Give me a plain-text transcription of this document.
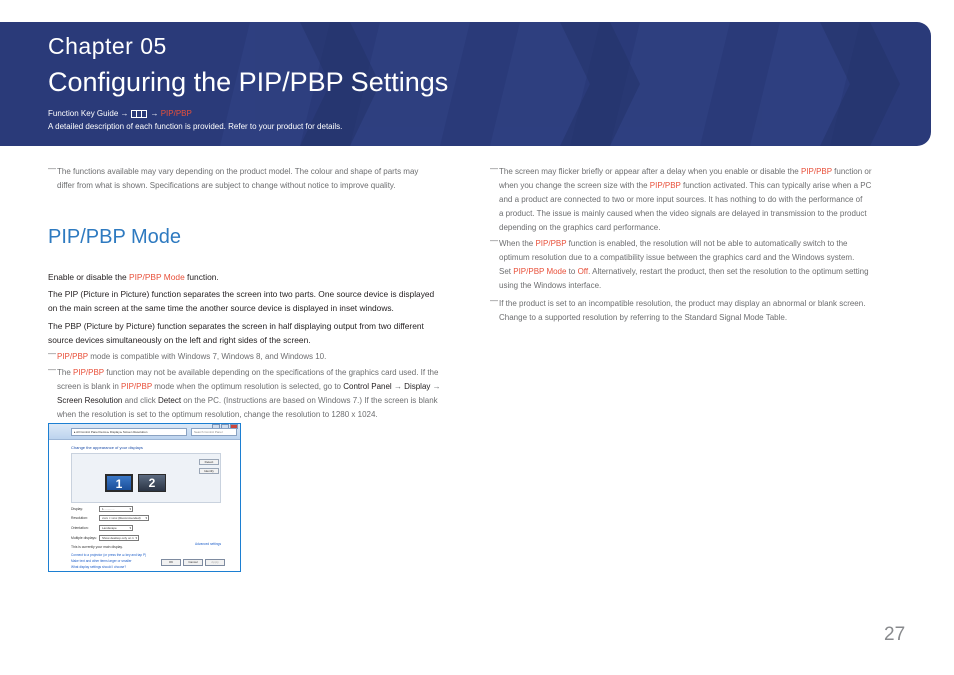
Chapter 05
Configuring the PIP/PBP Settings
Function Key Guide →	→ PIP/PBP
A detailed description of each function is provided. Refer to your product for details.
― The functions available may vary depending on the product model. The colour and shape of parts may
differ from what is shown. Specifications are subject to change without notice to improve quality.
PIP/PBP Mode
Enable or disable the PIP/PBP Mode function.
The PIP (Picture in Picture) function separates the screen into two parts. One source device is displayed
on the main screen at the same time the another source device is displayed in inset windows.
The PBP (Picture by Picture) function separates the screen in half displaying output from two different
source devices simultaneously on the left and right sides of the screen.
― PIP/PBP mode is compatible with Windows 7, Windows 8, and Windows 10.
― The PIP/PBP function may not be available depending on the specifications of the graphics card used. If the
screen is blank in PIP/PBP mode when the optimum resolution is selected, go to Control Panel → Display →
Screen Resolution and click Detect on the PC. (Instructions are based on Windows 7.) If the screen is blank
when the resolution is set to the optimum resolution, change the resolution to 1280 x 1024.
▸ All Control Panel Items ▸ Display ▸ Screen Resolution	Search Control Panel
Change the appearance of your displays
1	2
Detect
Identify
Display:	1. ...........	▾
Resolution:	xxxx × xxxx (Recommended) ▾
Orientation:	Landscape	▾
Multiple displays:	Show desktop only on 1 ▾
This is currently your main display.
Advanced settings
Connect to a projector (or press the ⊞ key and tap P)
Make text and other items larger or smaller
What display settings should I choose?
OK	Cancel	Apply
― The screen may flicker briefly or appear after a delay when you enable or disable the PIP/PBP function or
when you change the screen size with the PIP/PBP function activated. This can typically arise when a PC
and a product are connected to two or more input sources. It has nothing to do with the performance of
a product. The issue is mainly caused when the video signals are delayed in transmission to the product
depending on the graphics card performance.
― When the PIP/PBP function is enabled, the resolution will not be able to automatically switch to the
optimum resolution due to a compatibility issue between the graphics card and the Windows system.
Set PIP/PBP Mode to Off. Alternatively, restart the product, then set the resolution to the optimum setting
using the Windows interface.
― If the product is set to an incompatible resolution, the product may display an abnormal or blank screen.
Change to a supported resolution by referring to the Standard Signal Mode Table.
27
